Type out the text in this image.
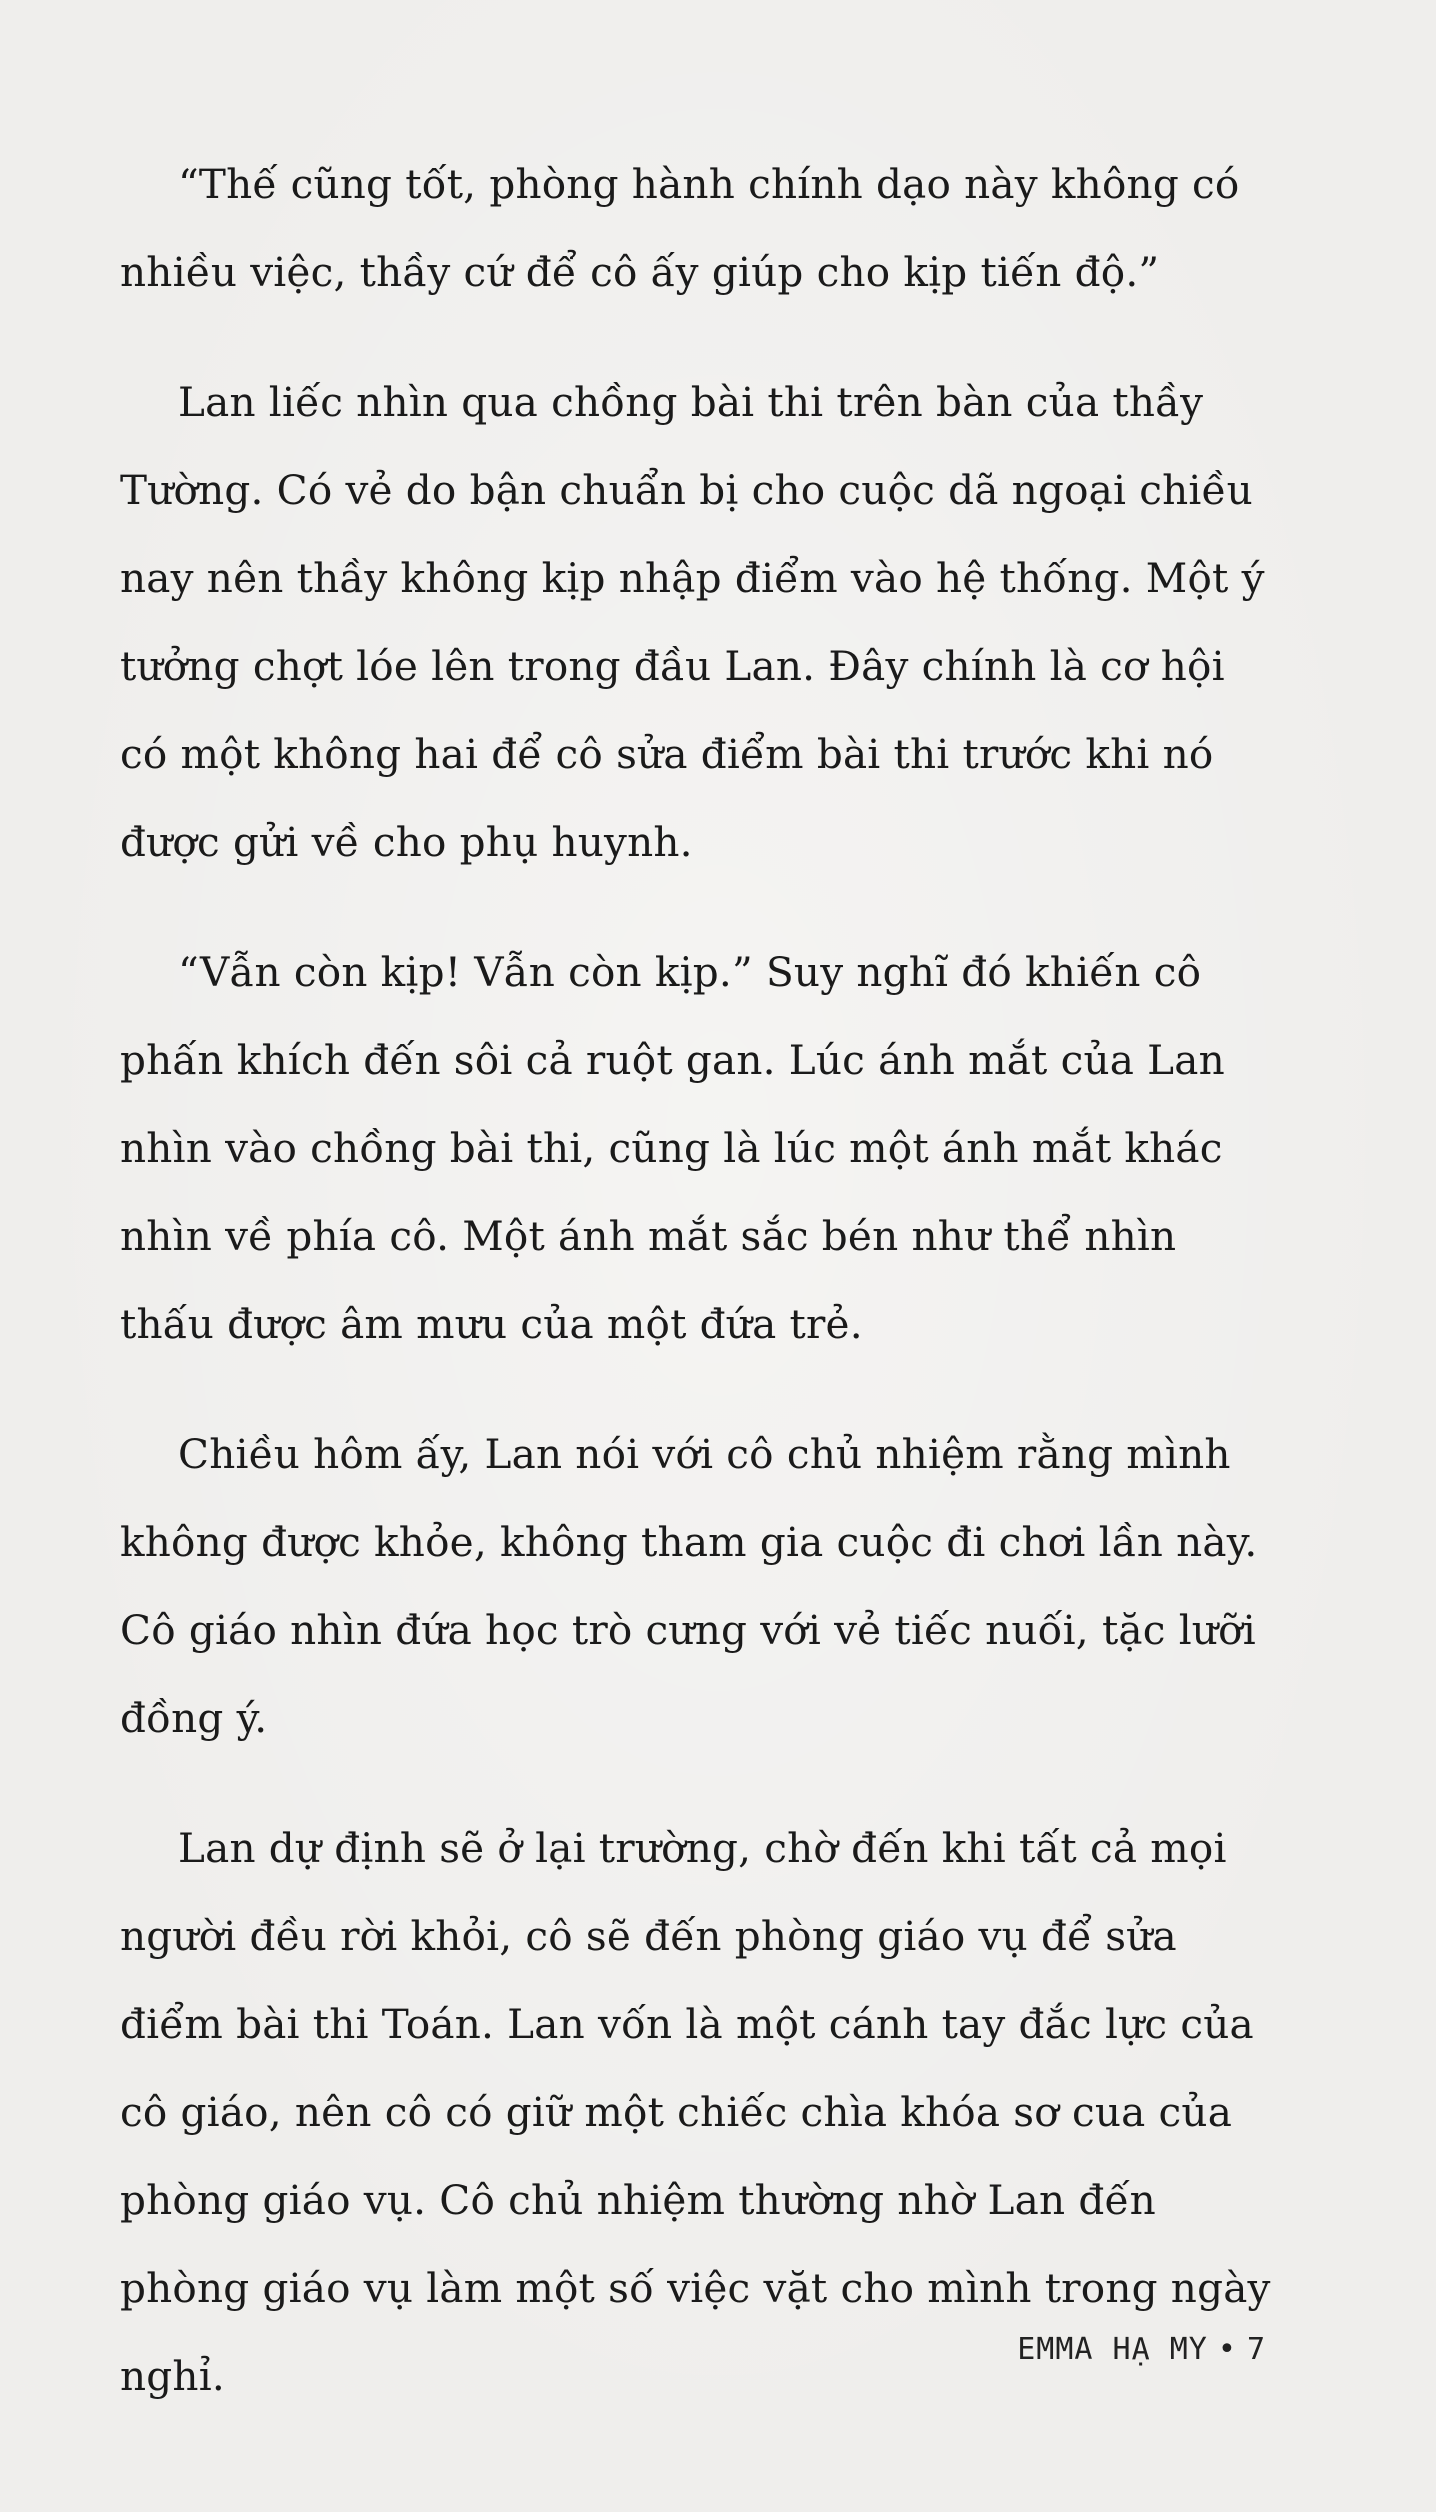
“Thế cũng tốt, phòng hành chính dạo này không có nhiều việc, thầy cứ để cô ấy giúp cho kịp tiến độ.”

Lan liếc nhìn qua chồng bài thi trên bàn của thầy Tường. Có vẻ do bận chuẩn bị cho cuộc dã ngoại chiều nay nên thầy không kịp nhập điểm vào hệ thống. Một ý tưởng chợt lóe lên trong đầu Lan. Đây chính là cơ hội có một không hai để cô sửa điểm bài thi trước khi nó được gửi về cho phụ huynh.

“Vẫn còn kịp! Vẫn còn kịp.” Suy nghĩ đó khiến cô phấn khích đến sôi cả ruột gan. Lúc ánh mắt của Lan nhìn vào chồng bài thi, cũng là lúc một ánh mắt khác nhìn về phía cô. Một ánh mắt sắc bén như thể nhìn thấu được âm mưu của một đứa trẻ.

Chiều hôm ấy, Lan nói với cô chủ nhiệm rằng mình không được khỏe, không tham gia cuộc đi chơi lần này. Cô giáo nhìn đứa học trò cưng với vẻ tiếc nuối, tặc lưỡi đồng ý.

Lan dự định sẽ ở lại trường, chờ đến khi tất cả mọi người đều rời khỏi, cô sẽ đến phòng giáo vụ để sửa điểm bài thi Toán. Lan vốn là một cánh tay đắc lực của cô giáo, nên cô có giữ một chiếc chìa khóa sơ cua của phòng giáo vụ. Cô chủ nhiệm thường nhờ Lan đến phòng giáo vụ làm một số việc vặt cho mình trong ngày nghỉ.

EMMA HẠ MY • 7
